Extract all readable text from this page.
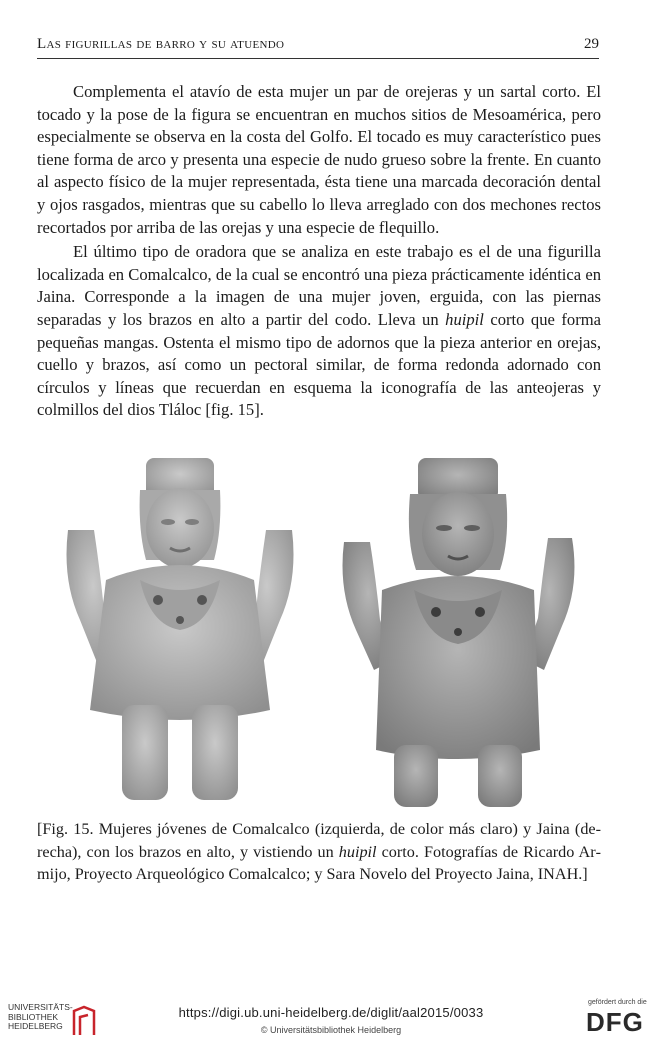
Las figurillas de barro y su atuendo	29

Complementa el atavío de esta mujer un par de orejeras y un sartal corto. El tocado y la pose de la figura se encuentran en muchos sitios de Mesoamérica, pero especialmente se observa en la costa del Golfo. El tocado es muy característico pues tiene forma de arco y presenta una especie de nudo grueso sobre la frente. En cuanto al aspecto físico de la mujer representada, ésta tiene una marcada decoración dental y ojos rasgados, mientras que su cabello lo lleva arreglado con dos mechones rectos recortados por arriba de las orejas y una especie de flequillo.

El último tipo de oradora que se analiza en este trabajo es el de una figurilla localizada en Comalcalco, de la cual se encontró una pieza prácticamente idéntica en Jaina. Corresponde a la imagen de una mujer joven, erguida, con las piernas separadas y los brazos en alto a partir del codo. Lleva un huipil corto que forma pequeñas mangas. Ostenta el mismo tipo de adornos que la pieza anterior en orejas, cuello y brazos, así como un pectoral similar, de forma redonda adornado con círculos y líneas que recuerdan en esquema la iconografía de las anteojeras y colmillos del dios Tláloc [fig. 15].

[Fig. 15. Mujeres jóvenes de Comalcalco (izquierda, de color más claro) y Jaina (derecha), con los brazos en alto, y vistiendo un huipil corto. Fotografías de Ricardo Armijo, Proyecto Arqueológico Comalcalco; y Sara Novelo del Proyecto Jaina, INAH.]
UNIVERSITÄTS-
BIBLIOTHEK
HEIDELBERG
https://digi.ub.uni-heidelberg.de/diglit/aal2015/0033
© Universitätsbibliothek Heidelberg
gefördert durch die
DFG
